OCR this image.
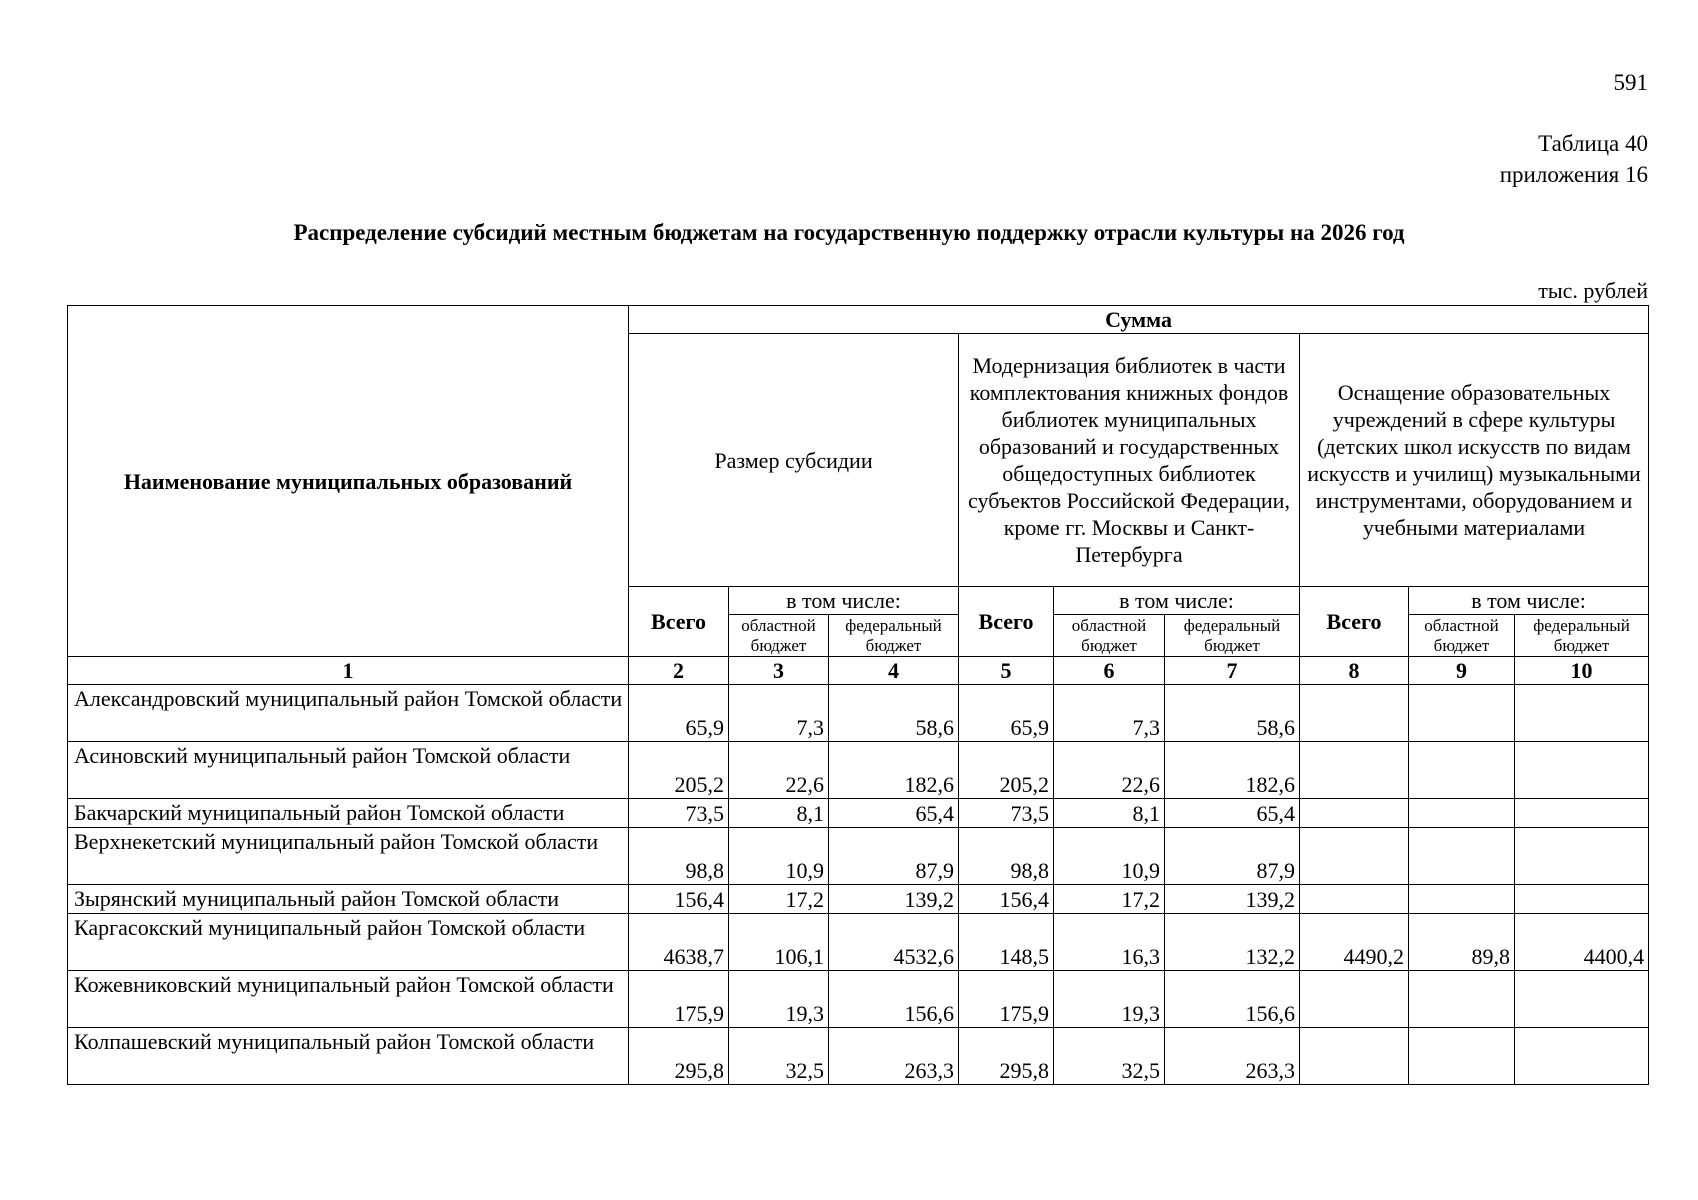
591
Таблица 40
приложения 16
Распределение субсидий местным бюджетам на государственную поддержку отрасли культуры на 2026 год
тыс. рублей
Наименование муниципальных образований	Сумма								
	Размер субсидии			Модернизация библиотек в части комплектования книжных фондов библиотек муниципальных образований и государственных общедоступных библиотек субъектов Российской Федерации, кроме гг. Москвы и Санкт-Петербурга			Оснащение образовательных учреждений в сфере культуры (детских школ искусств по видам искусств и училищ) музыкальными инструментами, оборудованием и учебными материалами		
	Всего	в том числе:		Всего	в том числе:		Всего	в том числе:	
		областной бюджет	федеральный бюджет		областной бюджет	федеральный бюджет		областной бюджет	федеральный бюджет
1	2	3	4	5	6	7	8	9	10
Александровский муниципальный район Томской области	65,9	7,3	58,6	65,9	7,3	58,6			
Асиновский муниципальный район Томской области	205,2	22,6	182,6	205,2	22,6	182,6			
Бакчарский муниципальный район Томской области	73,5	8,1	65,4	73,5	8,1	65,4			
Верхнекетский муниципальный район Томской области	98,8	10,9	87,9	98,8	10,9	87,9			
Зырянский муниципальный район Томской области	156,4	17,2	139,2	156,4	17,2	139,2			
Каргасокский муниципальный район Томской области	4638,7	106,1	4532,6	148,5	16,3	132,2	4490,2	89,8	4400,4
Кожевниковский муниципальный район Томской области	175,9	19,3	156,6	175,9	19,3	156,6			
Колпашевский муниципальный район Томской области	295,8	32,5	263,3	295,8	32,5	263,3			
